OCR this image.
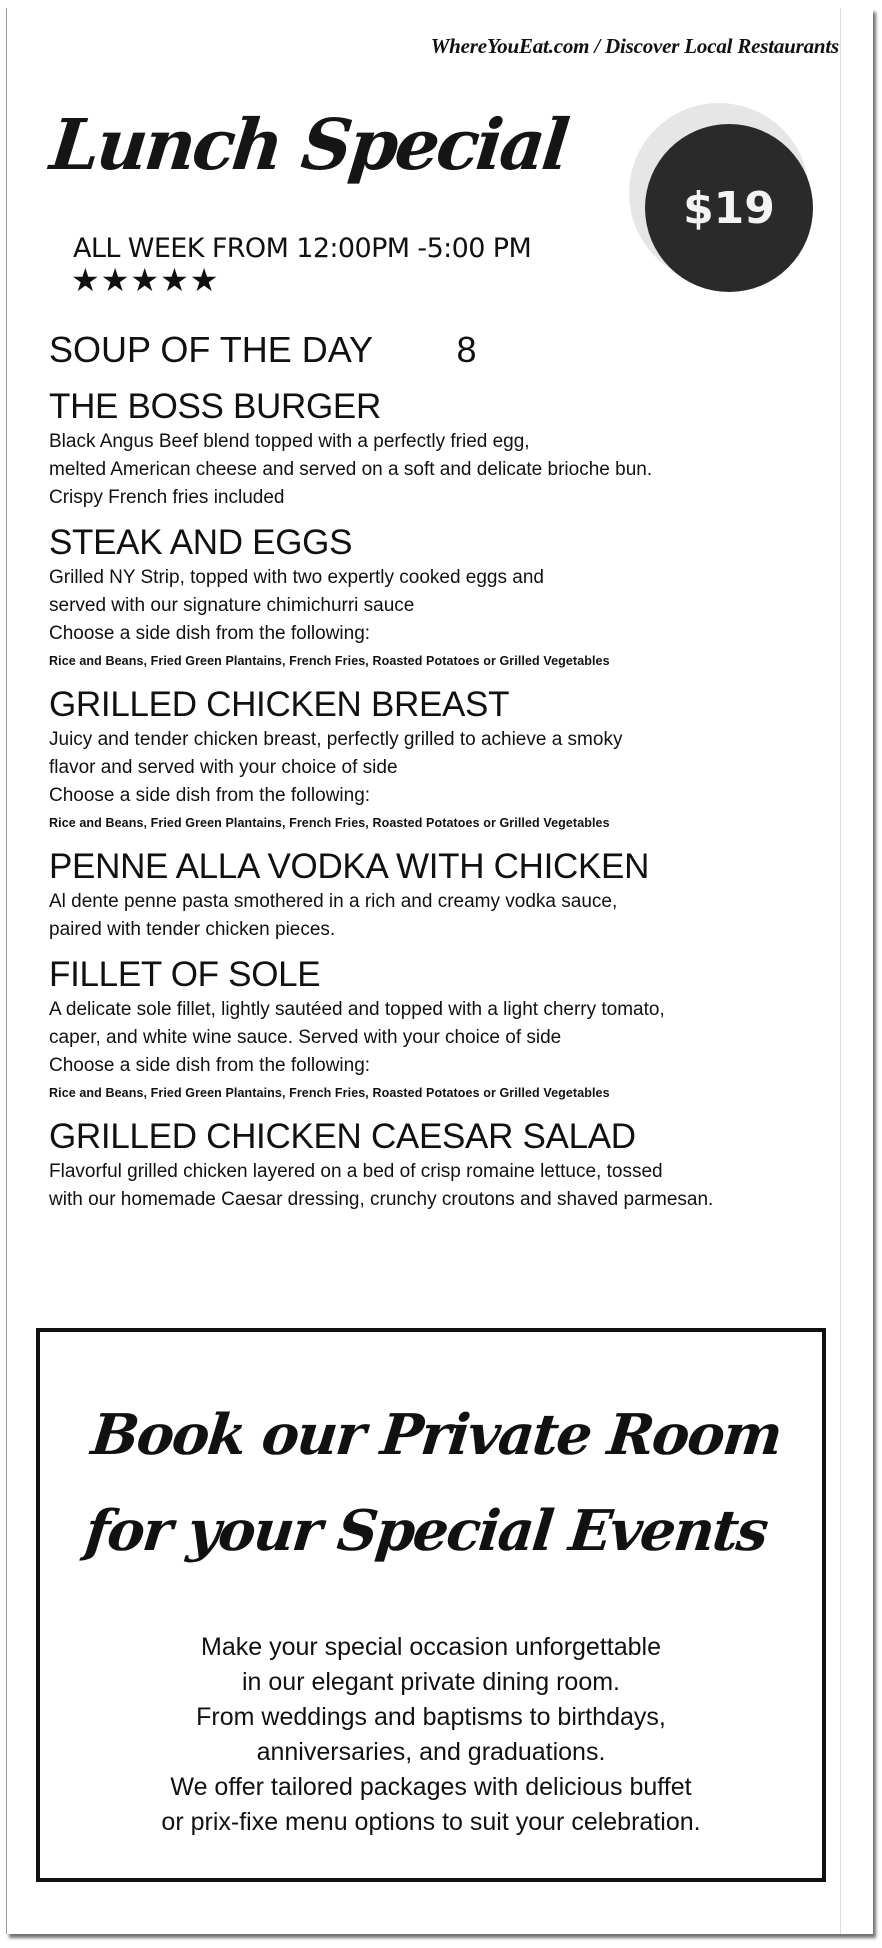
WhereYouEat.com / Discover Local Restaurants
Lunch Special
ALL WEEK FROM 12:00PM -5:00 PM
★★★★★
$19
SOUP OF THE DAY 8
THE BOSS BURGER
Black Angus Beef blend topped with a perfectly fried egg,
melted American cheese and served on a soft and delicate brioche bun.
Crispy French fries included
STEAK AND EGGS
Grilled NY Strip, topped with two expertly cooked eggs and
served with our signature chimichurri sauce
Choose a side dish from the following:
Rice and Beans, Fried Green Plantains, French Fries, Roasted Potatoes or Grilled Vegetables
GRILLED CHICKEN BREAST
Juicy and tender chicken breast, perfectly grilled to achieve a smoky
flavor and served with your choice of side
Choose a side dish from the following:
Rice and Beans, Fried Green Plantains, French Fries, Roasted Potatoes or Grilled Vegetables
PENNE ALLA VODKA WITH CHICKEN
Al dente penne pasta smothered in a rich and creamy vodka sauce,
paired with tender chicken pieces.
FILLET OF SOLE
A delicate sole fillet, lightly sautéed and topped with a light cherry tomato,
caper, and white wine sauce. Served with your choice of side
Choose a side dish from the following:
Rice and Beans, Fried Green Plantains, French Fries, Roasted Potatoes or Grilled Vegetables
GRILLED CHICKEN CAESAR SALAD
Flavorful grilled chicken layered on a bed of crisp romaine lettuce, tossed
with our homemade Caesar dressing, crunchy croutons and shaved parmesan.
Book our Private Room
for your Special Events
Make your special occasion unforgettable
in our elegant private dining room.
From weddings and baptisms to birthdays,
anniversaries, and graduations.
We offer tailored packages with delicious buffet
or prix-fixe menu options to suit your celebration.
